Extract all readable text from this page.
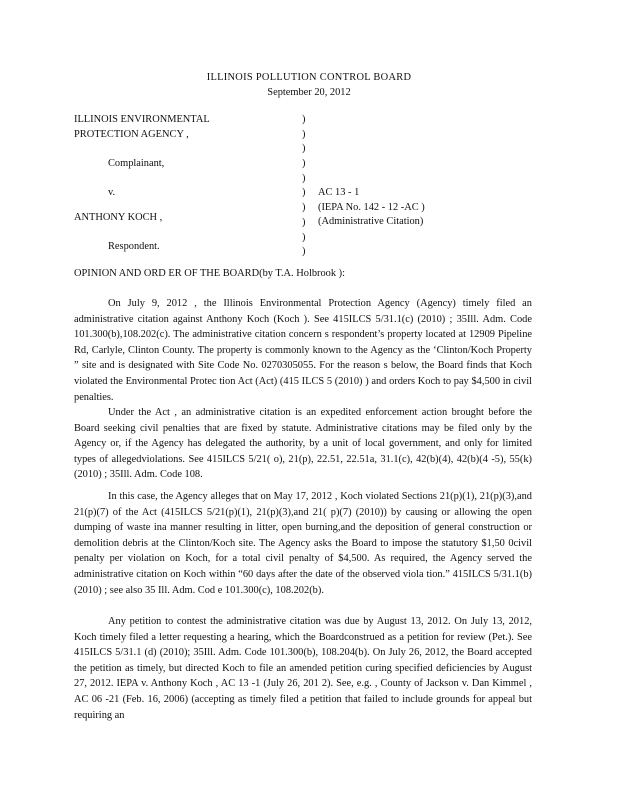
ILLINOIS POLLUTION CONTROL BOARD
September 20, 2012
ILLINOIS ENVIRONMENTAL
PROTECTION AGENCY ,
Complainant,
v.
ANTHONY KOCH ,
Respondent.
)
)
)
)
)
)
)
)
)
)
AC 13 - 1
(IEPA No. 142 - 12 -AC )
(Administrative Citation)
OPINION AND ORD ER OF THE BOARD(by T.A. Holbrook ):

On July 9, 2012 , the Illinois Environmental Protection Agency (Agency) timely filed an administrative citation against Anthony Koch (Koch ). See 415ILCS 5/31.1(c) (2010) ; 35Ill. Adm. Code 101.300(b),108.202(c). The administrative citation concern s respondent’s property located at 12909 Pipeline Rd, Carlyle, Clinton County. The property is commonly known to the Agency as the ‘Clinton/Koch Property ” site and is designated with Site Code No. 0270305055. For the reason s below, the Board finds that Koch violated the Environmental Protec tion Act (Act) (415 ILCS 5 (2010) ) and orders Koch to pay $4,500 in civil penalties.

Under the Act , an administrative citation is an expedited enforcement action brought before the Board seeking civil penalties that are fixed by statute. Administrative citations may be filed only by the Agency or, if the Agency has delegated the authority, by a unit of local government, and only for limited types of allegedviolations. See 415ILCS 5/21( o), 21(p), 22.51, 22.51a, 31.1(c), 42(b)(4), 42(b)(4 -5), 55(k) (2010) ; 35Ill. Adm. Code 108.

In this case, the Agency alleges that on May 17, 2012 , Koch violated Sections 21(p)(1), 21(p)(3),and 21(p)(7) of the Act (415ILCS 5/21(p)(1), 21(p)(3),and 21( p)(7) (2010)) by causing or allowing the open dumping of waste ina manner resulting in litter, open burning,and the deposition of general construction or demolition debris at the Clinton/Koch site. The Agency asks the Board to impose the statutory $1,50 0civil penalty per violation on Koch, for a total civil penalty of $4,500. As required, the Agency served the administrative citation on Koch within “60 days after the date of the observed viola tion.” 415ILCS 5/31.1(b) (2010) ; see also 35 Ill. Adm. Cod e 101.300(c), 108.202(b).

Any petition to contest the administrative citation was due by August 13, 2012. On July 13, 2012, Koch timely filed a letter requesting a hearing, which the Boardconstrued as a petition for review (Pet.). See 415ILCS 5/31.1 (d) (2010); 35Ill. Adm. Code 101.300(b), 108.204(b). On July 26, 2012, the Board accepted the petition as timely, but directed Koch to file an amended petition curing specified deficiencies by August 27, 2012. IEPA v. Anthony Koch , AC 13 -1 (July 26, 201 2). See, e.g. , County of Jackson v. Dan Kimmel , AC 06 -21 (Feb. 16, 2006) (accepting as timely filed a petition that failed to include grounds for appeal but requiring an
